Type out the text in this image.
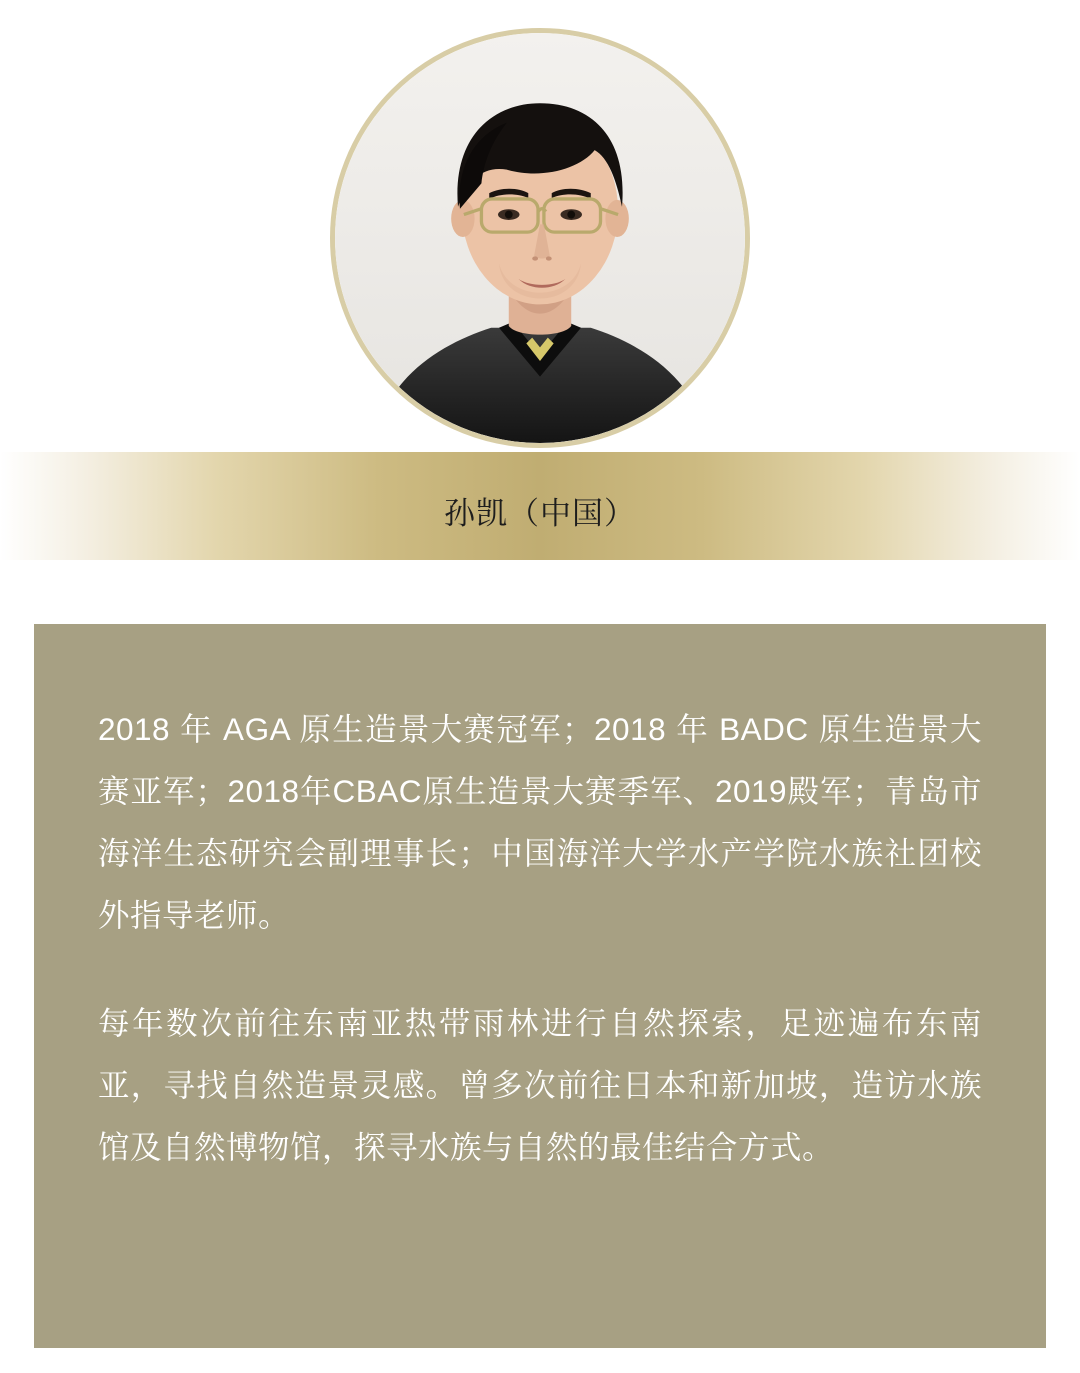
孙凯（中国）

2018 年 AGA 原生造景大赛冠军；2018 年 BADC 原生造景大赛亚军；2018年CBAC原生造景大赛季军、2019殿军；青岛市海洋生态研究会副理事长；中国海洋大学水产学院水族社团校外指导老师。

每年数次前往东南亚热带雨林进行自然探索，足迹遍布东南亚，寻找自然造景灵感。曾多次前往日本和新加坡，造访水族馆及自然博物馆，探寻水族与自然的最佳结合方式。
